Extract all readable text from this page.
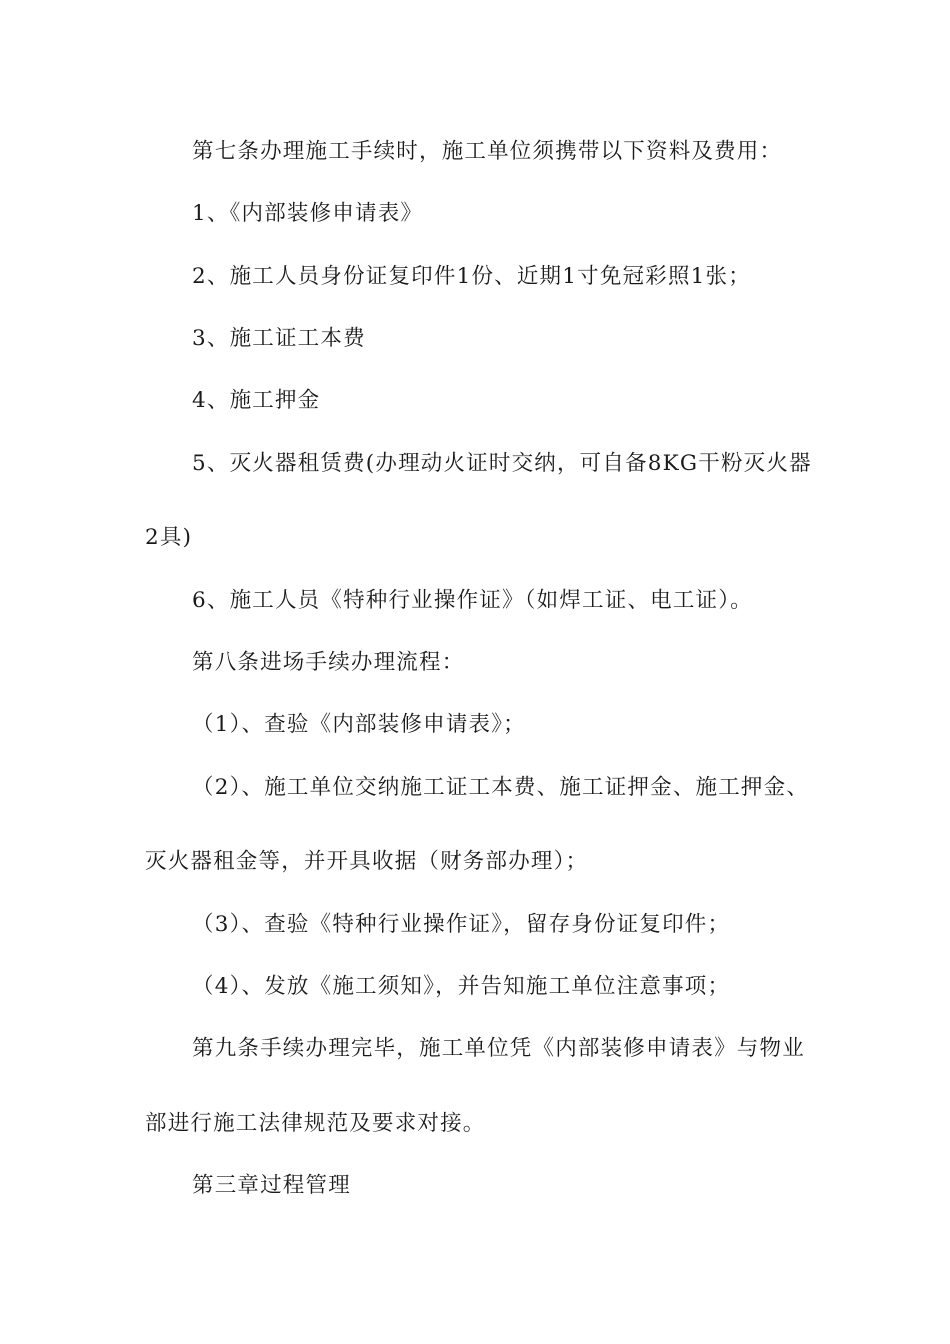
第七条办理施工手续时，施工单位须携带以下资料及费用：
1、《内部装修申请表》
2、施工人员身份证复印件1份、近期1寸免冠彩照1张；
3、施工证工本费
4、施工押金
5、灭火器租赁费(办理动火证时交纳，可自备8KG干粉灭火器
2具)
6、施工人员《特种行业操作证》（如焊工证、电工证）。
第八条进场手续办理流程：
（1）、查验《内部装修申请表》；
（2）、施工单位交纳施工证工本费、施工证押金、施工押金、
灭火器租金等，并开具收据（财务部办理）；
（3）、查验《特种行业操作证》，留存身份证复印件；
（4）、发放《施工须知》，并告知施工单位注意事项；
第九条手续办理完毕，施工单位凭《内部装修申请表》与物业
部进行施工法律规范及要求对接。
第三章过程管理
